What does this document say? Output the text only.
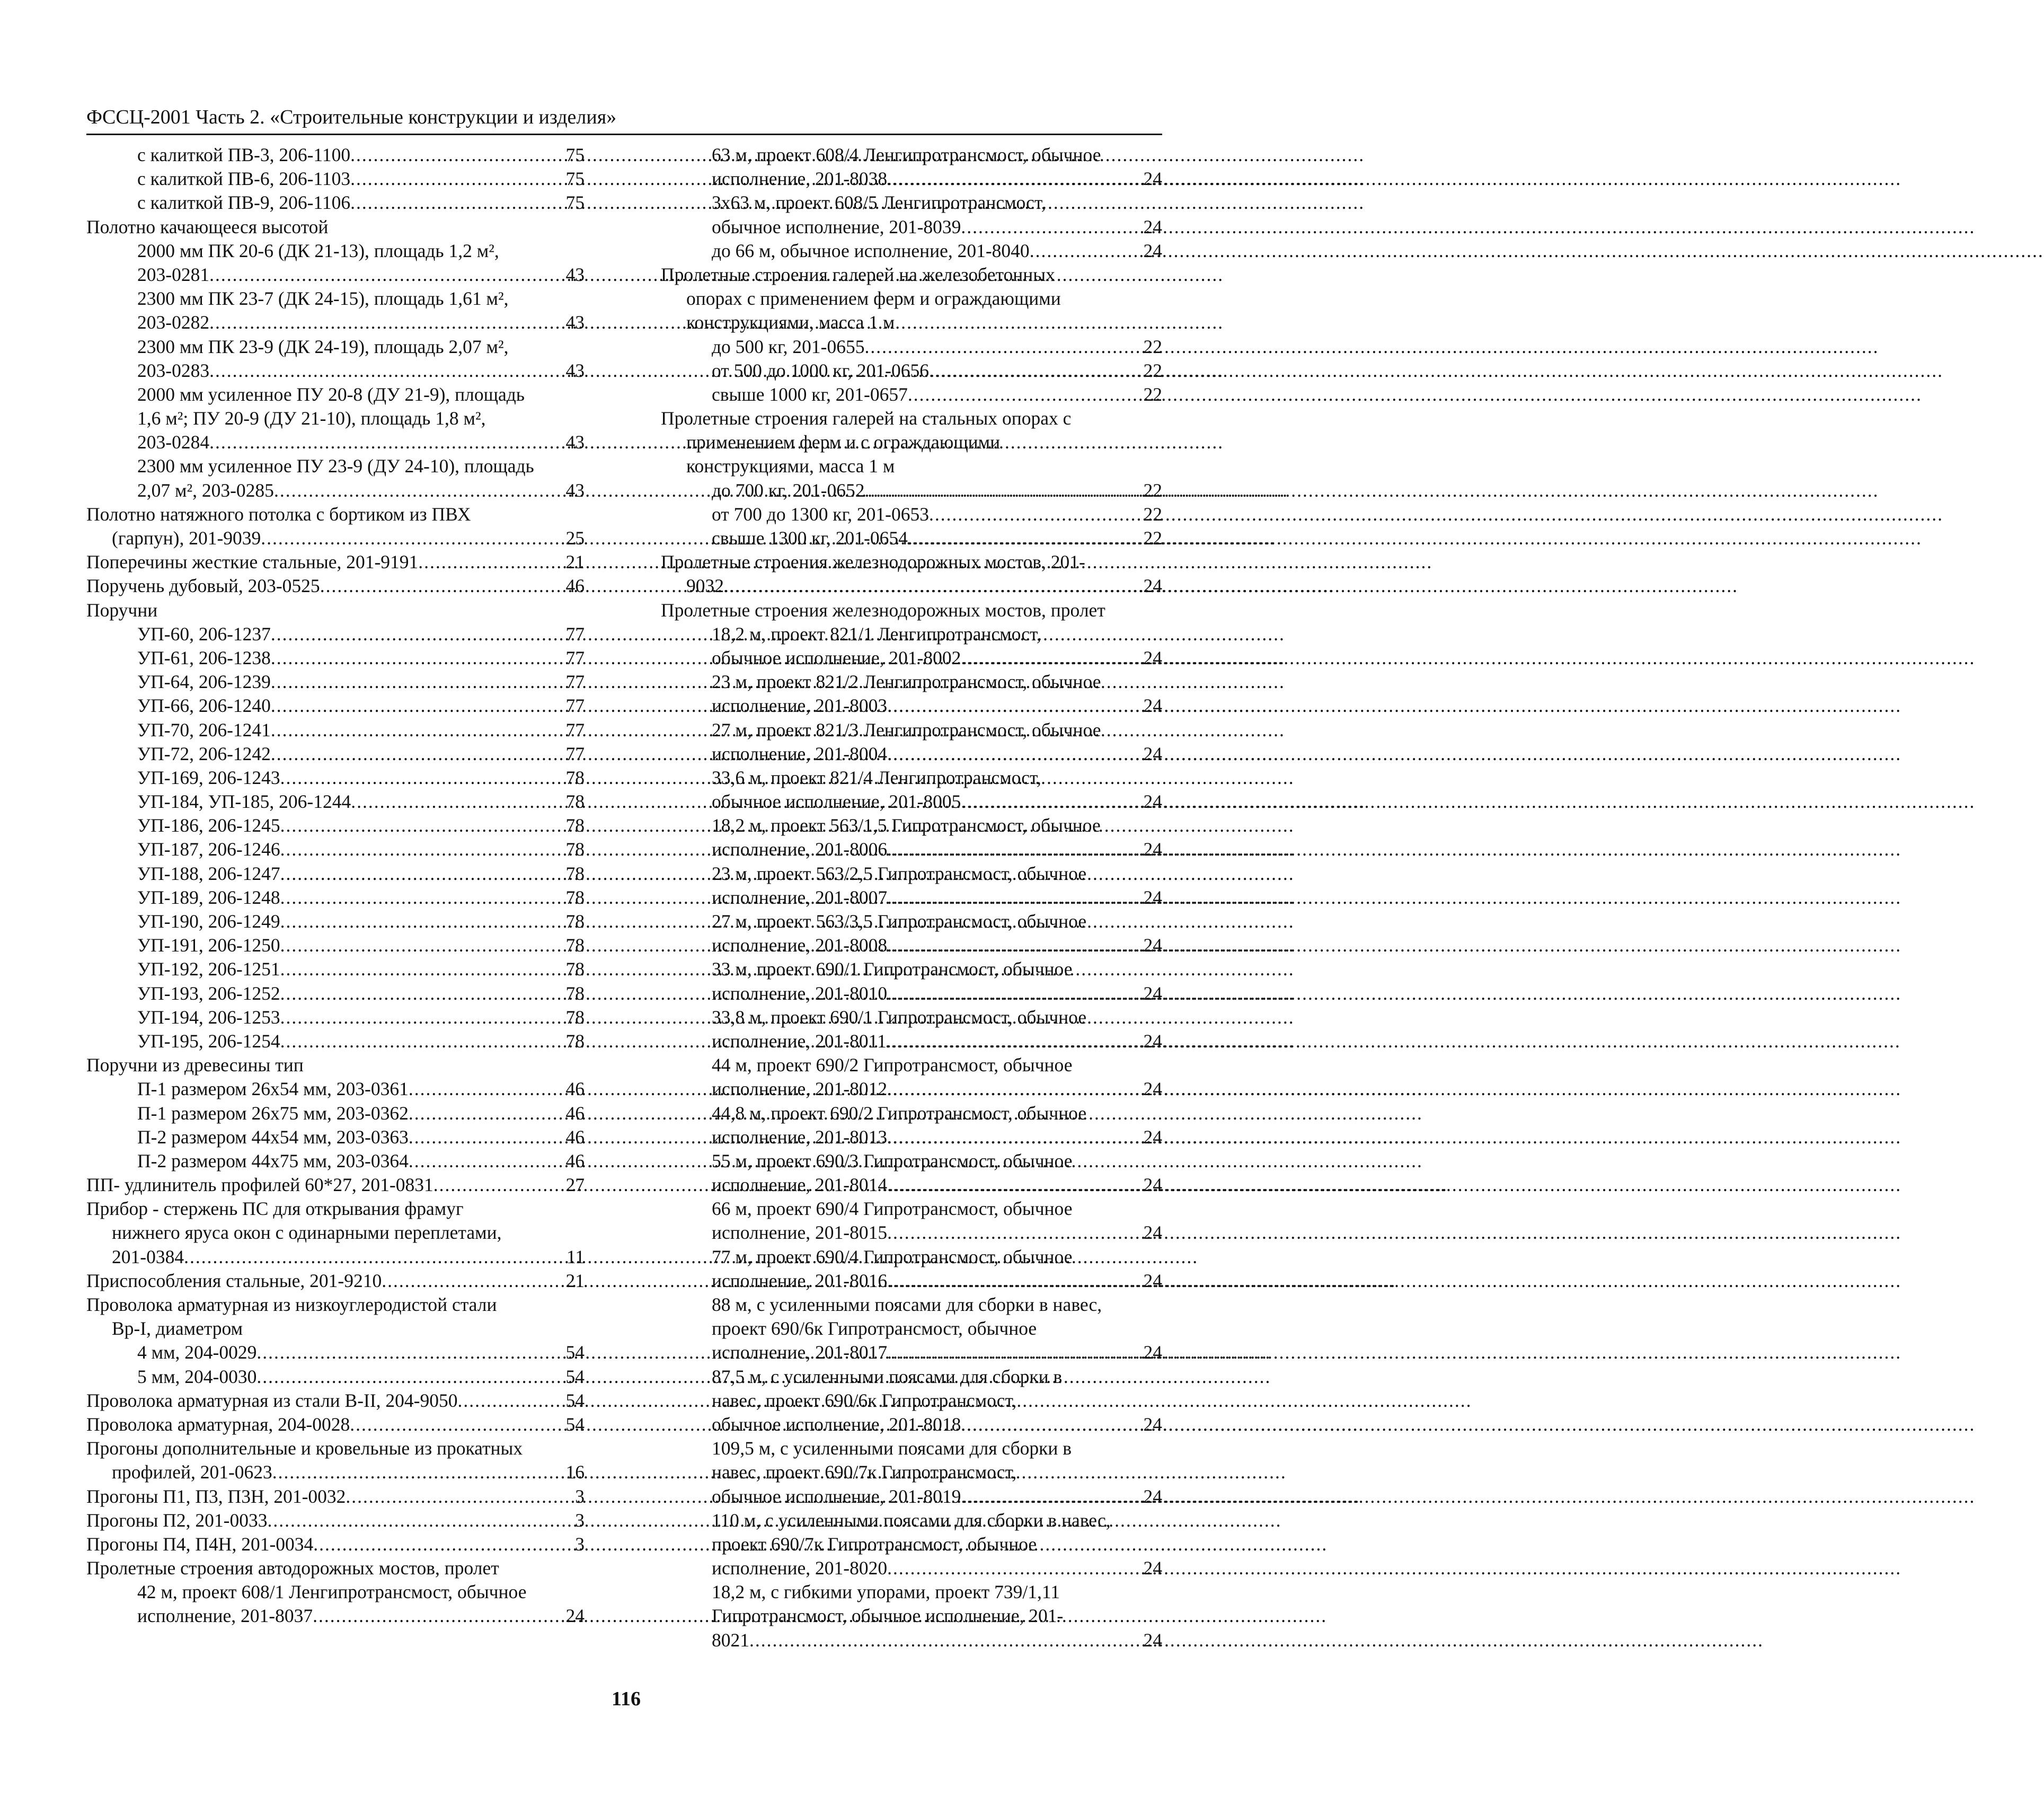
ФССЦ-2001 Часть 2. «Строительные конструкции и изделия»
с калиткой ПВ-3, 206-1100 .....	75
с калиткой ПВ-6, 206-1103 .....	75
с калиткой ПВ-9, 206-1106 .....	75
Полотно качающееся высотой
2000 мм ПК 20-6 (ДК 21-13), площадь 1,2 м²,
203-0281 .....	43
2300 мм ПК 23-7 (ДК 24-15), площадь 1,61 м²,
203-0282 .....	43
2300 мм ПК 23-9 (ДК 24-19), площадь 2,07 м²,
203-0283 .....	43
2000 мм усиленное ПУ 20-8 (ДУ 21-9), площадь
1,6 м²; ПУ 20-9 (ДУ 21-10), площадь 1,8 м²,
203-0284 .....	43
2300 мм усиленное ПУ 23-9 (ДУ 24-10), площадь
2,07 м², 203-0285 .....	43
Полотно натяжного потолка с бортиком из ПВХ
(гарпун), 201-9039 .....	25
Поперечины жесткие стальные, 201-9191 .....	21
Поручень дубовый, 203-0525 .....	46
Поручни
УП-60, 206-1237 .....	77
УП-61, 206-1238 .....	77
УП-64, 206-1239 .....	77
УП-66, 206-1240 .....	77
УП-70, 206-1241 .....	77
УП-72, 206-1242 .....	77
УП-169, 206-1243 .....	78
УП-184, УП-185, 206-1244 .....	78
УП-186, 206-1245 .....	78
УП-187, 206-1246 .....	78
УП-188, 206-1247 .....	78
УП-189, 206-1248 .....	78
УП-190, 206-1249 .....	78
УП-191, 206-1250 .....	78
УП-192, 206-1251 .....	78
УП-193, 206-1252 .....	78
УП-194, 206-1253 .....	78
УП-195, 206-1254 .....	78
Поручни из древесины тип
П-1 размером 26х54 мм, 203-0361 .....	46
П-1 размером 26х75 мм, 203-0362 .....	46
П-2 размером 44х54 мм, 203-0363 .....	46
П-2 размером 44х75 мм, 203-0364 .....	46
ПП- удлинитель профилей 60*27, 201-0831 .....	27
Прибор - стержень ПС для открывания фрамуг
нижнего яруса окон с одинарными переплетами,
201-0384 .....	11
Приспособления стальные, 201-9210 .....	21
Проволока арматурная из низкоуглеродистой стали
Вр-I, диаметром
4 мм, 204-0029 .....	54
5 мм, 204-0030 .....	54
Проволока арматурная из стали В-II, 204-9050 .....	54
Проволока арматурная, 204-0028 .....	54
Прогоны дополнительные и кровельные из прокатных
профилей, 201-0623 .....	16
Прогоны П1, П3, П3Н, 201-0032 .....	3
Прогоны П2, 201-0033 .....	3
Прогоны П4, П4Н, 201-0034 .....	3
Пролетные строения автодорожных мостов, пролет
42 м, проект 608/1 Ленгипротрансмост, обычное
исполнение, 201-8037 .....	24
63 м, проект 608/4 Ленгипротрансмост, обычное
исполнение, 201-8038 .....	24
3х63 м, проект 608/5 Ленгипротрансмост,
обычное исполнение, 201-8039 .....	24
до 66 м, обычное исполнение, 201-8040 .....	24
Пролетные строения галерей на железобетонных
опорах с применением ферм и ограждающими
конструкциями, масса 1 м
до 500 кг, 201-0655 .....	22
от 500 до 1000 кг, 201-0656 .....	22
свыше 1000 кг, 201-0657 .....	22
Пролетные строения галерей на стальных опорах с
применением ферм и с ограждающими
конструкциями, масса 1 м
до 700 кг, 201-0652 .....	22
от 700 до 1300 кг, 201-0653 .....	22
свыше 1300 кг, 201-0654 .....	22
Пролетные строения железнодорожных мостов, 201-
9032 .....	24
Пролетные строения железнодорожных мостов, пролет
18,2 м, проект 821/1 Ленгипротрансмост,
обычное исполнение, 201-8002 .....	24
23 м, проект 821/2 Ленгипротрансмост, обычное
исполнение, 201-8003 .....	24
27 м, проект 821/3 Ленгипротрансмост, обычное
исполнение, 201-8004 .....	24
33,6 м, проект 821/4 Ленгипротрансмост,
обычное исполнение, 201-8005 .....	24
18,2 м, проект 563/1,5 Гипротрансмост, обычное
исполнение, 201-8006 .....	24
23 м, проект 563/2,5 Гипротрансмост, обычное
исполнение, 201-8007 .....	24
27 м, проект 563/3,5 Гипротрансмост, обычное
исполнение, 201-8008 .....	24
33 м, проект 690/1 Гипротрансмост, обычное
исполнение, 201-8010 .....	24
33,8 м, проект 690/1 Гипротрансмост, обычное
исполнение, 201-8011 .....	24
44 м, проект 690/2 Гипротрансмост, обычное
исполнение, 201-8012 .....	24
44,8 м, проект 690/2 Гипротрансмост, обычное
исполнение, 201-8013 .....	24
55 м, проект 690/3 Гипротрансмост, обычное
исполнение, 201-8014 .....	24
66 м, проект 690/4 Гипротрансмост, обычное
исполнение, 201-8015 .....	24
77 м, проект 690/4 Гипротрансмост, обычное
исполнение, 201-8016 .....	24
88 м, с усиленными поясами для сборки в навес,
проект 690/6к Гипротрансмост, обычное
исполнение, 201-8017 .....	24
87,5 м, с усиленными поясами для сборки в
навес, проект 690/6к Гипротрансмост,
обычное исполнение, 201-8018 .....	24
109,5 м, с усиленными поясами для сборки в
навес, проект 690/7к Гипротрансмост,
обычное исполнение, 201-8019 .....	24
110 м, с усиленными поясами для сборки в навес,
проект 690/7к Гипротрансмост, обычное
исполнение, 201-8020 .....	24
18,2 м, с гибкими упорами, проект 739/1,11
Гипротрансмост, обычное исполнение, 201-
8021 .....	24
116
